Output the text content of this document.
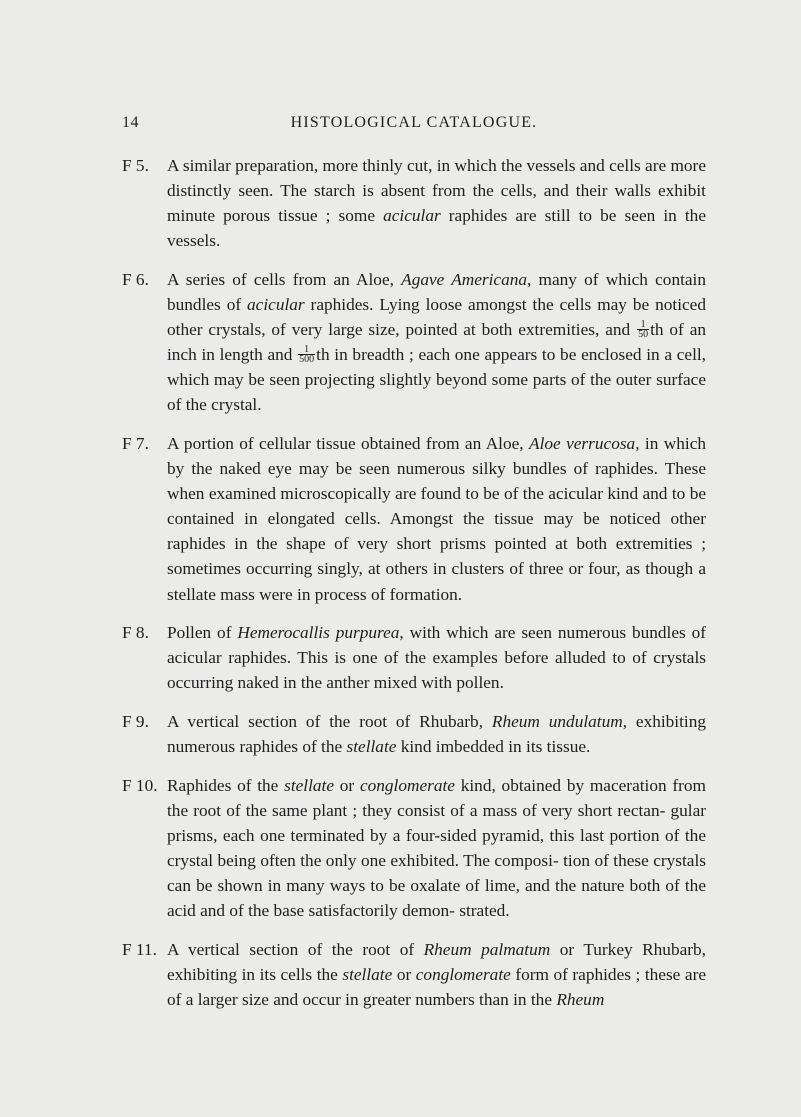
14	HISTOLOGICAL CATALOGUE.
F 5. A similar preparation, more thinly cut, in which the vessels and cells are more distinctly seen. The starch is absent from the cells, and their walls exhibit minute porous tissue ; some acicular raphides are still to be seen in the vessels.
F 6. A series of cells from an Aloe, Agave Americana, many of which contain bundles of acicular raphides. Lying loose amongst the cells may be noticed other crystals, of very large size, pointed at both extremities, and $\frac{1}{50}$ th of an inch in length and $\frac{1}{500}$ th in breadth ; each one appears to be enclosed in a cell, which may be seen projecting slightly beyond some parts of the outer surface of the crystal.
F 7. A portion of cellular tissue obtained from an Aloe, Aloe verrucosa, in which by the naked eye may be seen numerous silky bundles of raphides. These when examined microscopically are found to be of the acicular kind and to be contained in elongated cells. Amongst the tissue may be noticed other raphides in the shape of very short prisms pointed at both extremities ; sometimes occurring singly, at others in clusters of three or four, as though a stellate mass were in process of formation.
F 8. Pollen of Hemerocallis purpurea, with which are seen numerous bundles of acicular raphides. This is one of the examples before alluded to of crystals occurring naked in the anther mixed with pollen.
F 9. A vertical section of the root of Rhubarb, Rheum undulatum, exhibiting numerous raphides of the stellate kind imbedded in its tissue.
F 10. Raphides of the stellate or conglomerate kind, obtained by maceration from the root of the same plant ; they consist of a mass of very short rectan- gular prisms, each one terminated by a four-sided pyramid, this last portion of the crystal being often the only one exhibited. The composi- tion of these crystals can be shown in many ways to be oxalate of lime, and the nature both of the acid and of the base satisfactorily demon- strated.
F 11. A vertical section of the root of Rheum palmatum or Turkey Rhubarb, exhibiting in its cells the stellate or conglomerate form of raphides ; these are of a larger size and occur in greater numbers than in the Rheum
